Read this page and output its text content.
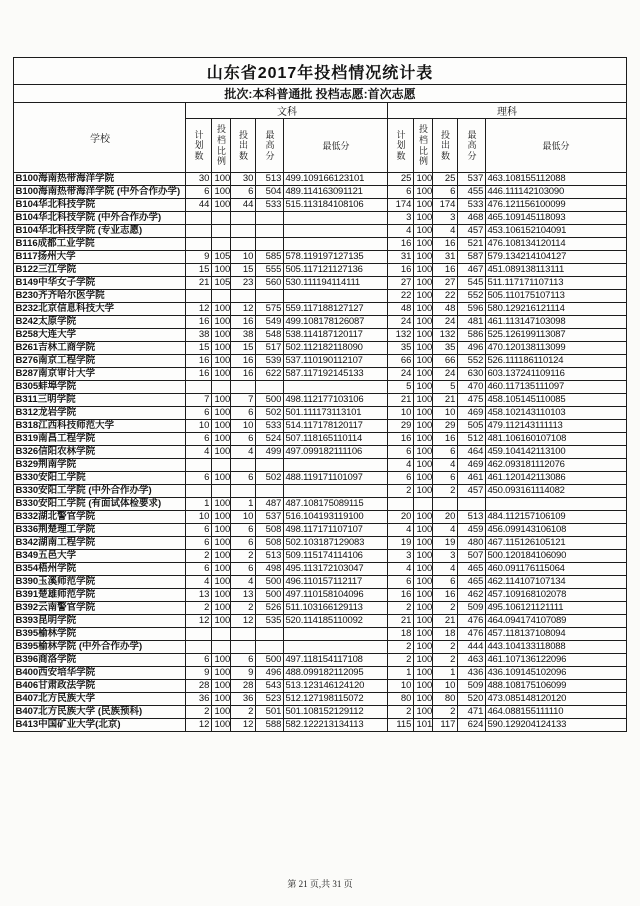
山东省2017年投档情况统计表										
批次:本科普通批 投档志愿:首次志愿										
学校	文科					理科				
	计划数	投档比例	投出数	最高分	最低分	计划数	投档比例	投出数	最高分	最低分
B100海南热带海洋学院	30	100	30	513	499.109166123101	25	100	25	537	463.108155112088
B100海南热带海洋学院 (中外合作办学)	6	100	6	504	489.114163091121	6	100	6	455	446.111142103090
B104华北科技学院	44	100	44	533	515.113184108106	174	100	174	533	476.121156100099
B104华北科技学院 (中外合作办学)						3	100	3	468	465.109145118093
B104华北科技学院 (专业志愿)						4	100	4	457	453.106152104091
B116成都工业学院						16	100	16	521	476.108134120114
B117扬州大学	9	105	10	585	578.119197127135	31	100	31	587	579.134214104127
B122三江学院	15	100	15	555	505.117121127136	16	100	16	467	451.089138113111
B149中华女子学院	21	105	23	560	530.111194114111	27	100	27	545	511.117171107113
B230齐齐哈尔医学院						22	100	22	552	505.110175107113
B232北京信息科技大学	12	100	12	575	559.117188127127	48	100	48	596	580.129216121114
B242太原学院	16	100	16	549	499.108178126087	24	100	24	481	461.113147103098
B258大连大学	38	100	38	548	538.114187120117	132	100	132	586	525.126199113087
B261吉林工商学院	15	100	15	517	502.112182118090	35	100	35	496	470.120138113099
B276南京工程学院	16	100	16	539	537.110190112107	66	100	66	552	526.111186110124
B287南京审计大学	16	100	16	622	587.117192145133	24	100	24	630	603.137241109116
B305蚌埠学院						5	100	5	470	460.117135111097
B311三明学院	7	100	7	500	498.112177103106	21	100	21	475	458.105145110085
B312龙岩学院	6	100	6	502	501.111173113101	10	100	10	469	458.102143110103
B318江西科技师范大学	10	100	10	533	514.117178120117	29	100	29	505	479.112143111113
B319南昌工程学院	6	100	6	524	507.118165110114	16	100	16	512	481.106160107108
B326信阳农林学院	4	100	4	499	497.099182111106	6	100	6	464	459.104142113100
B329荆南学院						4	100	4	469	462.093181112076
B330安阳工学院	6	100	6	502	488.119171101097	6	100	6	461	461.120142113086
B330安阳工学院 (中外合作办学)						2	100	2	457	450.093161114082
B330安阳工学院 (有面试体检要求)	1	100	1	487	487.108175089115					
B332湖北警官学院	10	100	10	537	516.104193119100	20	100	20	513	484.112157106109
B336荆楚理工学院	6	100	6	508	498.117171107107	4	100	4	459	456.099143106108
B342湖南工程学院	6	100	6	508	502.103187129083	19	100	19	480	467.115126105121
B349五邑大学	2	100	2	513	509.115174114106	3	100	3	507	500.120184106090
B354梧州学院	6	100	6	498	495.113172103047	4	100	4	465	460.091176115064
B390玉溪师范学院	4	100	4	500	496.110157112117	6	100	6	465	462.114107107134
B391楚雄师范学院	13	100	13	500	497.110158104096	16	100	16	462	457.109168102078
B392云南警官学院	2	100	2	526	511.103166129113	2	100	2	509	495.106121121111
B393昆明学院	12	100	12	535	520.114185110092	21	100	21	476	464.094174107089
B395榆林学院						18	100	18	476	457.118137108094
B395榆林学院 (中外合作办学)						2	100	2	444	443.104133118088
B396商洛学院	6	100	6	500	497.118154117108	2	100	2	463	461.107136122096
B400西安培华学院	9	100	9	496	488.099182112095	1	100	1	436	436.109145102096
B406甘肃政法学院	28	100	28	543	513.123146124120	10	100	10	509	488.108175106099
B407北方民族大学	36	100	36	523	512.127198115072	80	100	80	520	473.085148120120
B407北方民族大学 (民族预科)	2	100	2	501	501.108152129112	2	100	2	471	464.088155111110
B413中国矿业大学(北京)	12	100	12	588	582.122213134113	115	101	117	624	590.129204124133
第 21 页,共 31 页
